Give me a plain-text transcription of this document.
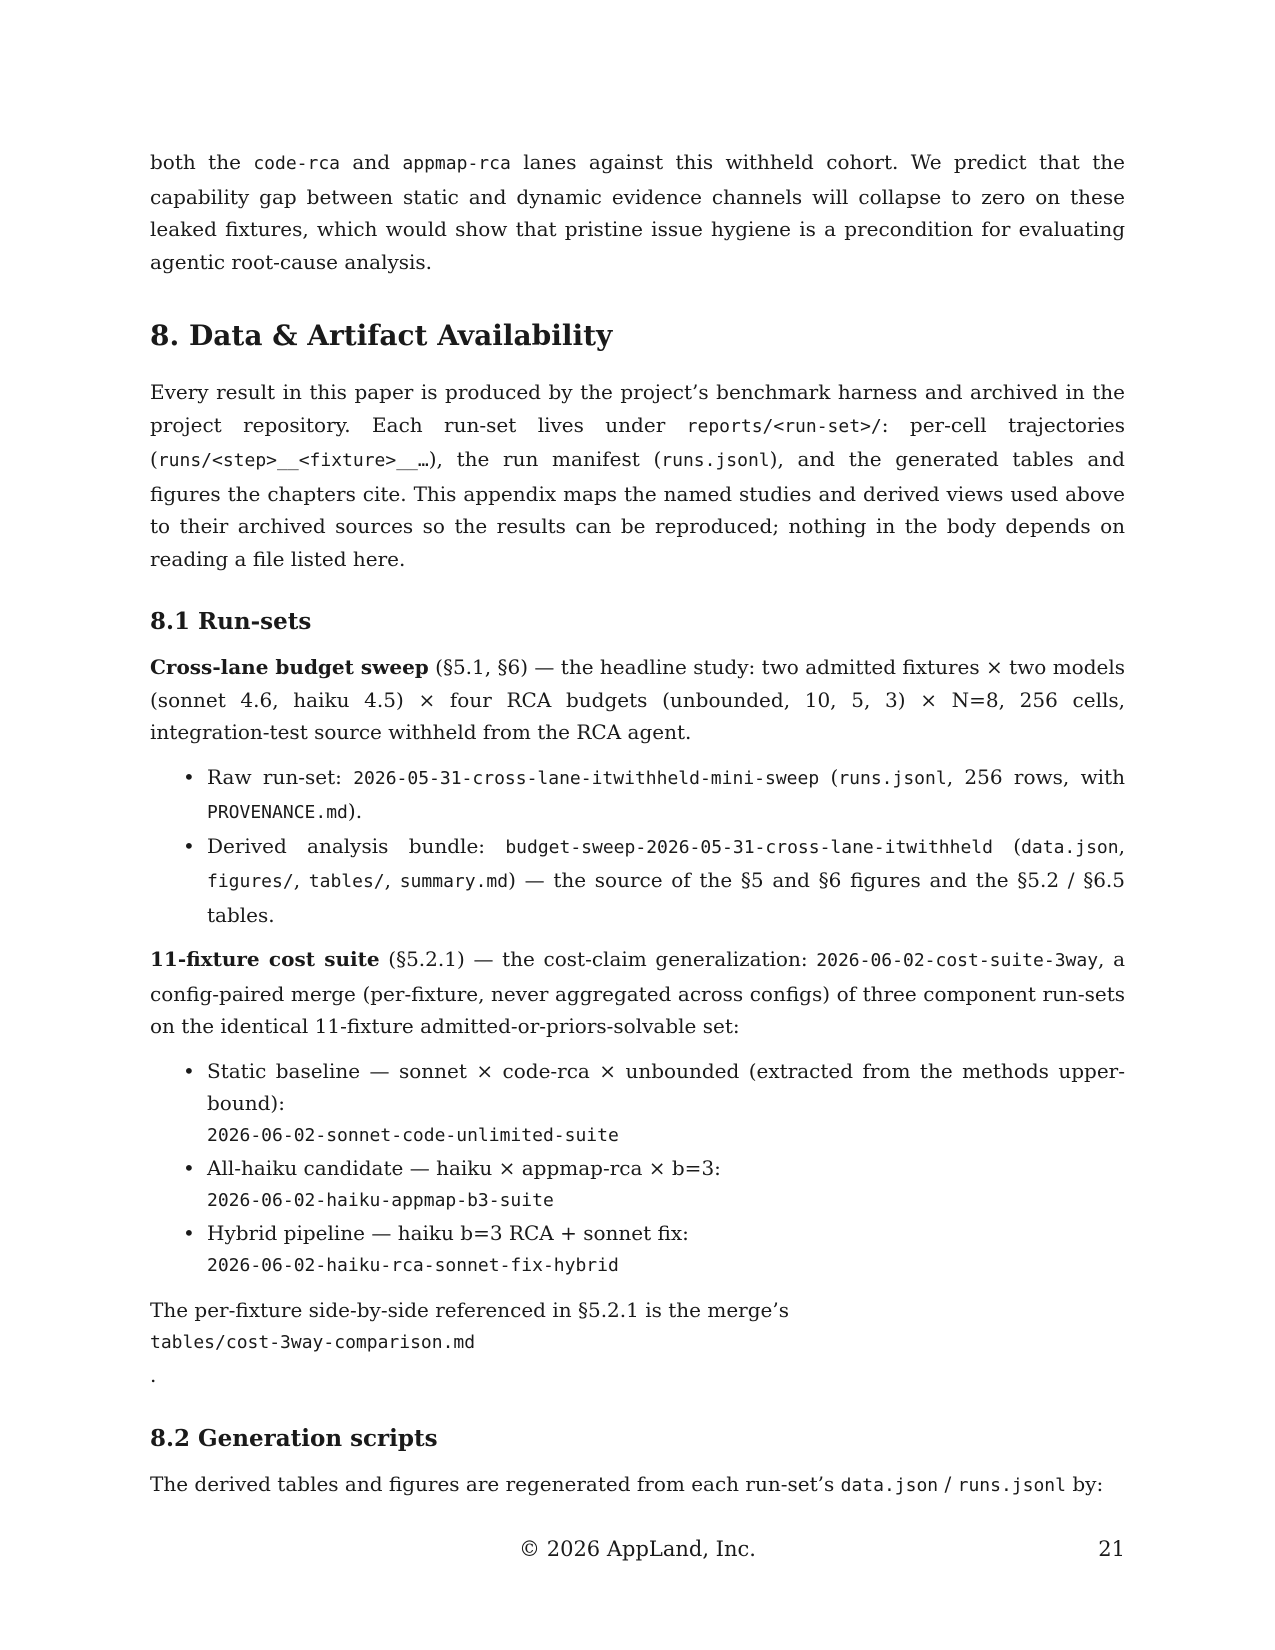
both the code-rca and appmap-rca lanes against this withheld cohort. We predict that the capability gap between static and dynamic evidence channels will collapse to zero on these leaked fixtures, which would show that pristine issue hygiene is a precondition for evaluating agentic root-cause analysis.

8. Data & Artifact Availability

Every result in this paper is produced by the project’s benchmark harness and archived in the project repository. Each run-set lives under reports/<run-set>/: per-cell trajectories (runs/<step>__<fixture>__…), the run manifest (runs.jsonl), and the generated tables and figures the chapters cite. This appendix maps the named studies and derived views used above to their archived sources so the results can be reproduced; nothing in the body depends on reading a file listed here.

8.1 Run-sets

Cross-lane budget sweep (§5.1, §6) — the headline study: two admitted fixtures × two models (sonnet 4.6, haiku 4.5) × four RCA budgets (unbounded, 10, 5, 3) × N=8, 256 cells, integration-test source withheld from the RCA agent.

• Raw run-set: 2026-05-31-cross-lane-itwithheld-mini-sweep (runs.jsonl, 256 rows, with PROVENANCE.md).
• Derived analysis bundle: budget-sweep-2026-05-31-cross-lane-itwithheld (data.json, figures/, tables/, summary.md) — the source of the §5 and §6 figures and the §5.2 / §6.5 tables.

11-fixture cost suite (§5.2.1) — the cost-claim generalization: 2026-06-02-cost-suite-3way, a config-paired merge (per-fixture, never aggregated across configs) of three component run-sets on the identical 11-fixture admitted-or-priors-solvable set:

• Static baseline — sonnet × code-rca × unbounded (extracted from the methods upper-bound):
2026-06-02-sonnet-code-unlimited-suite
• All-haiku candidate — haiku × appmap-rca × b=3:
2026-06-02-haiku-appmap-b3-suite
• Hybrid pipeline — haiku b=3 RCA + sonnet fix:
2026-06-02-haiku-rca-sonnet-fix-hybrid

The per-fixture side-by-side referenced in §5.2.1 is the merge’s
tables/cost-3way-comparison.md
.

8.2 Generation scripts

The derived tables and figures are regenerated from each run-set’s data.json / runs.jsonl by:

© 2026 AppLand, Inc.	21
